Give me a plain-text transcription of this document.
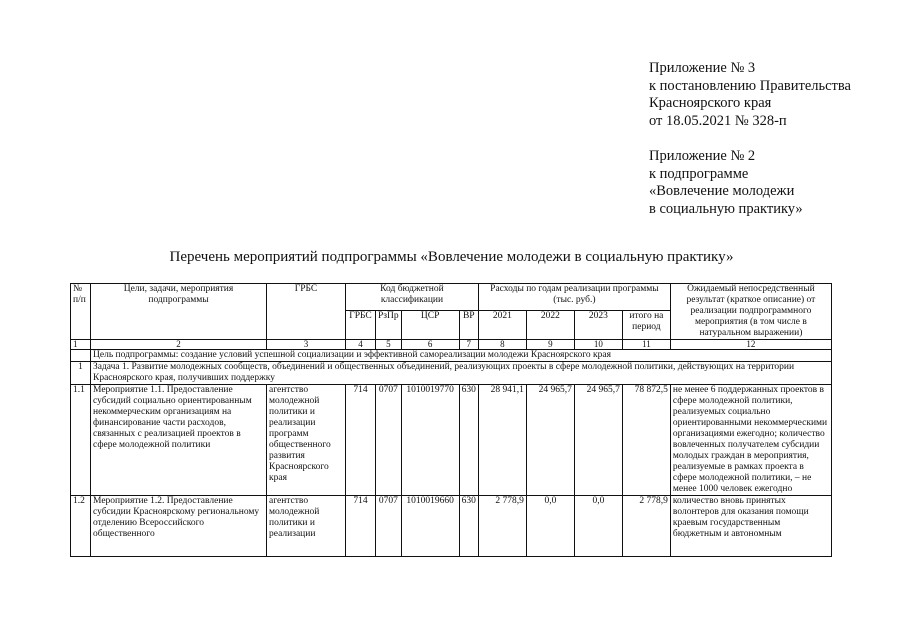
Приложение № 3
к постановлению Правительства
Красноярского края
от 18.05.2021 № 328-п
Приложение № 2
к подпрограмме
«Вовлечение молодежи
в социальную практику»
Перечень мероприятий подпрограммы «Вовлечение молодежи в социальную практику»
№ п/п	Цели, задачи, мероприятия подпрограммы	ГРБС	Код бюджетной классификации				Расходы по годам реализации программы (тыс. руб.)				Ожидаемый непосредственный результат (краткое описание) от реализации подпрограммного мероприятия (в том числе в натуральном выражении)
			ГРБС	РзПр	ЦСР	ВР	2021	2022	2023	итого на период	
1	2	3	4	5	6	7	8	9	10	11	12
	Цель подпрограммы: создание условий успешной социализации и эффективной самореализации молодежи Красноярского края										
1	Задача 1. Развитие молодежных сообществ, объединений и общественных объединений, реализующих проекты в сфере молодежной политики, действующих на территории Красноярского края, получивших поддержку										
1.1	Мероприятие 1.1. Предоставление субсидий социально ориентированным некоммерческим организациям на финансирование части расходов, связанных с реализацией проектов в сфере молодежной политики	агентство молодежной политики и реализации программ общественного развития Красноярского края	714	0707	1010019770	630	28 941,1	24 965,7	24 965,7	78 872,5	не менее 6 поддержанных проектов в сфере молодежной политики, реализуемых социально ориентированными некоммерческими организациями ежегодно; количество вовлеченных получателем субсидии молодых граждан в мероприятия, реализуемые в рамках проекта в сфере молодежной политики, – не менее 1000 человек ежегодно
1.2	Мероприятие 1.2. Предоставление субсидии Красноярскому региональному отделению Всероссийского общественного	агентство молодежной политики и реализации	714	0707	1010019660	630	2 778,9	0,0	0,0	2 778,9	количество вновь принятых волонтеров для оказания помощи краевым государственным бюджетным и автономным
